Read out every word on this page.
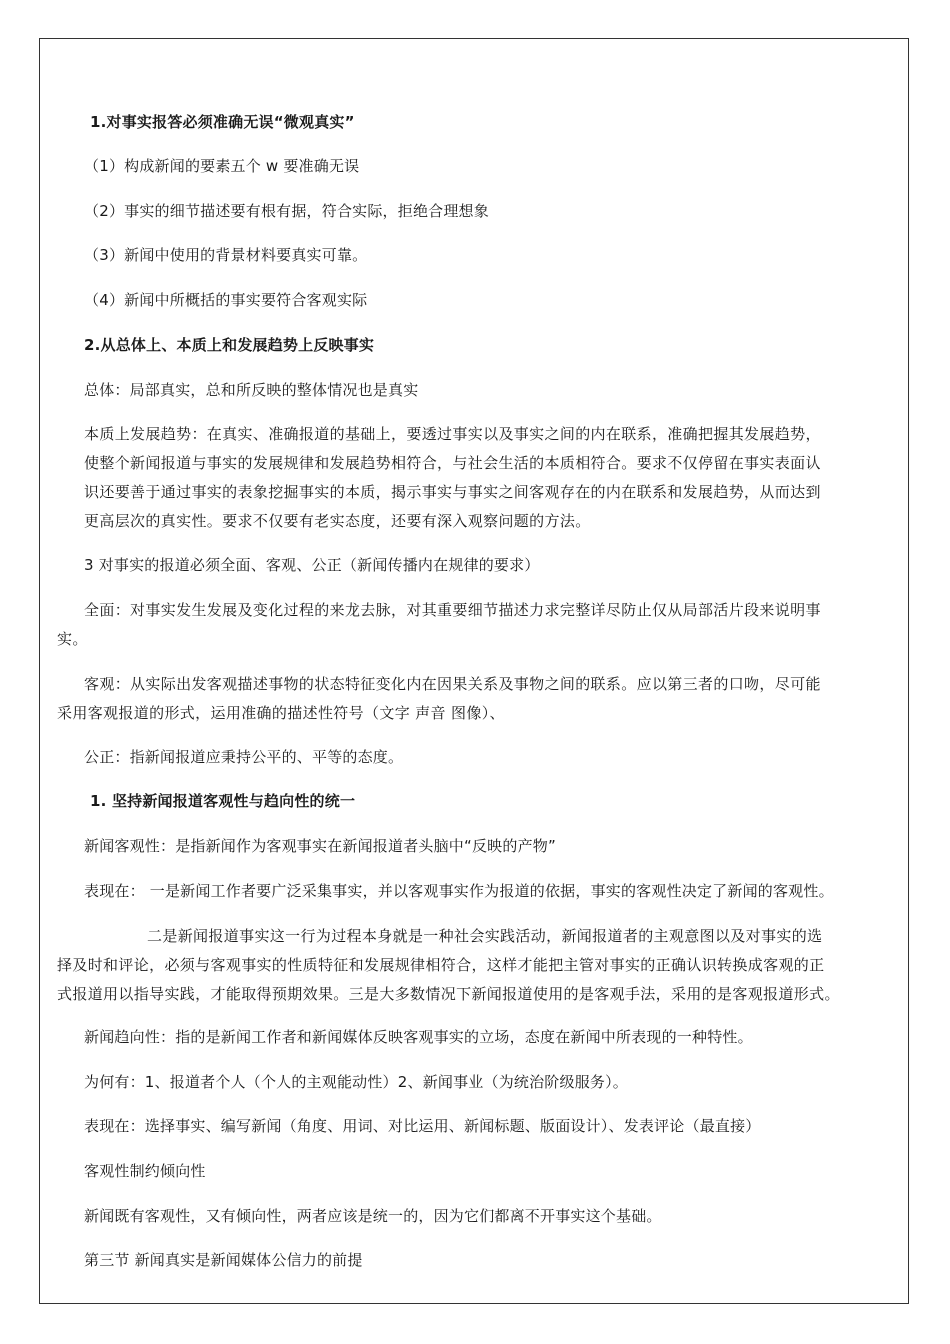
1.对事实报答必须准确无误“微观真实”
（1）构成新闻的要素五个 w 要准确无误
（2）事实的细节描述要有根有据，符合实际，拒绝合理想象
（3）新闻中使用的背景材料要真实可靠。
（4）新闻中所概括的事实要符合客观实际
2.从总体上、本质上和发展趋势上反映事实
总体：局部真实，总和所反映的整体情况也是真实
本质上发展趋势：在真实、准确报道的基础上，要透过事实以及事实之间的内在联系，准确把握其发展趋势，
使整个新闻报道与事实的发展规律和发展趋势相符合，与社会生活的本质相符合。要求不仅停留在事实表面认
识还要善于通过事实的表象挖掘事实的本质，揭示事实与事实之间客观存在的内在联系和发展趋势，从而达到
更高层次的真实性。要求不仅要有老实态度，还要有深入观察问题的方法。
3 对事实的报道必须全面、客观、公正（新闻传播内在规律的要求）
全面：对事实发生发展及变化过程的来龙去脉，对其重要细节描述力求完整详尽防止仅从局部活片段来说明事
实。
客观：从实际出发客观描述事物的状态特征变化内在因果关系及事物之间的联系。应以第三者的口吻，尽可能
采用客观报道的形式，运用准确的描述性符号（文字 声音 图像）、
公正：指新闻报道应秉持公平的、平等的态度。
1. 坚持新闻报道客观性与趋向性的统一
新闻客观性：是指新闻作为客观事实在新闻报道者头脑中“反映的产物”
表现在： 一是新闻工作者要广泛采集事实，并以客观事实作为报道的依据，事实的客观性决定了新闻的客观性。
二是新闻报道事实这一行为过程本身就是一种社会实践活动，新闻报道者的主观意图以及对事实的选
择及时和评论，必须与客观事实的性质特征和发展规律相符合，这样才能把主管对事实的正确认识转换成客观的正
式报道用以指导实践，才能取得预期效果。三是大多数情况下新闻报道使用的是客观手法，采用的是客观报道形式。
新闻趋向性：指的是新闻工作者和新闻媒体反映客观事实的立场，态度在新闻中所表现的一种特性。
为何有：1、报道者个人（个人的主观能动性）2、新闻事业（为统治阶级服务）。
表现在：选择事实、编写新闻（角度、用词、对比运用、新闻标题、版面设计）、发表评论（最直接）
客观性制约倾向性
新闻既有客观性，又有倾向性，两者应该是统一的，因为它们都离不开事实这个基础。
第三节 新闻真实是新闻媒体公信力的前提
